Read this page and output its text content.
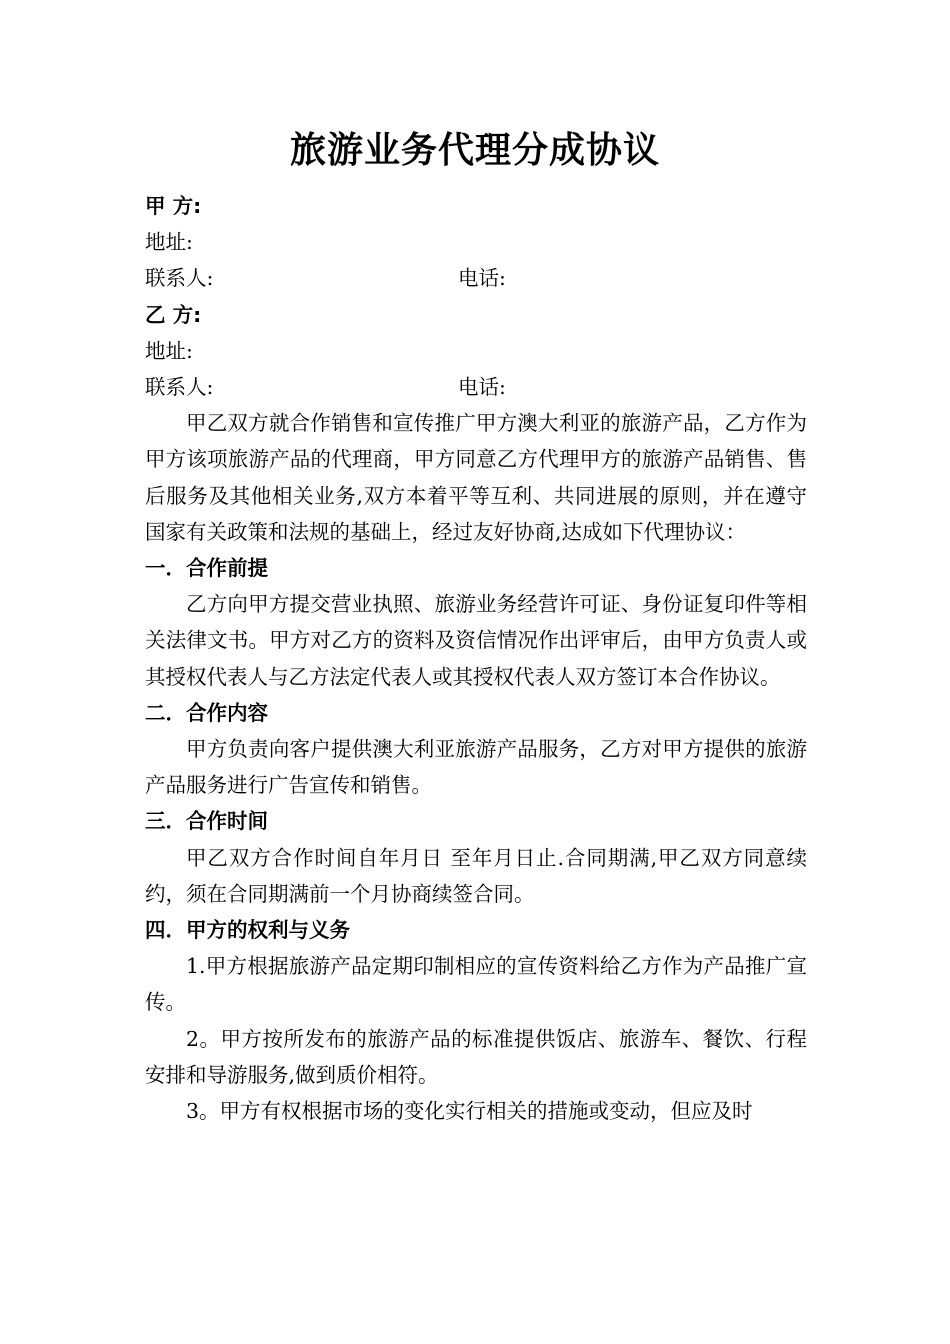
旅游业务代理分成协议
甲 方:
地址:
联系人:	电话:
乙 方:
地址:
联系人:	电话:

甲乙双方就合作销售和宣传推广甲方澳大利亚的旅游产品，乙方作为甲方该项旅游产品的代理商，甲方同意乙方代理甲方的旅游产品销售、售后服务及其他相关业务,双方本着平等互利、共同进展的原则，并在遵守国家有关政策和法规的基础上，经过友好协商,达成如下代理协议：

一．合作前提

乙方向甲方提交营业执照、旅游业务经营许可证、身份证复印件等相关法律文书。甲方对乙方的资料及资信情况作出评审后，由甲方负责人或其授权代表人与乙方法定代表人或其授权代表人双方签订本合作协议。

二．合作内容

甲方负责向客户提供澳大利亚旅游产品服务，乙方对甲方提供的旅游产品服务进行广告宣传和销售。

三．合作时间

甲乙双方合作时间自年月日 至年月日止.合同期满,甲乙双方同意续约，须在合同期满前一个月协商续签合同。

四．甲方的权利与义务

1.甲方根据旅游产品定期印制相应的宣传资料给乙方作为产品推广宣传。

2。甲方按所发布的旅游产品的标准提供饭店、旅游车、餐饮、行程安排和导游服务,做到质价相符。

3。甲方有权根据市场的变化实行相关的措施或变动，但应及时
